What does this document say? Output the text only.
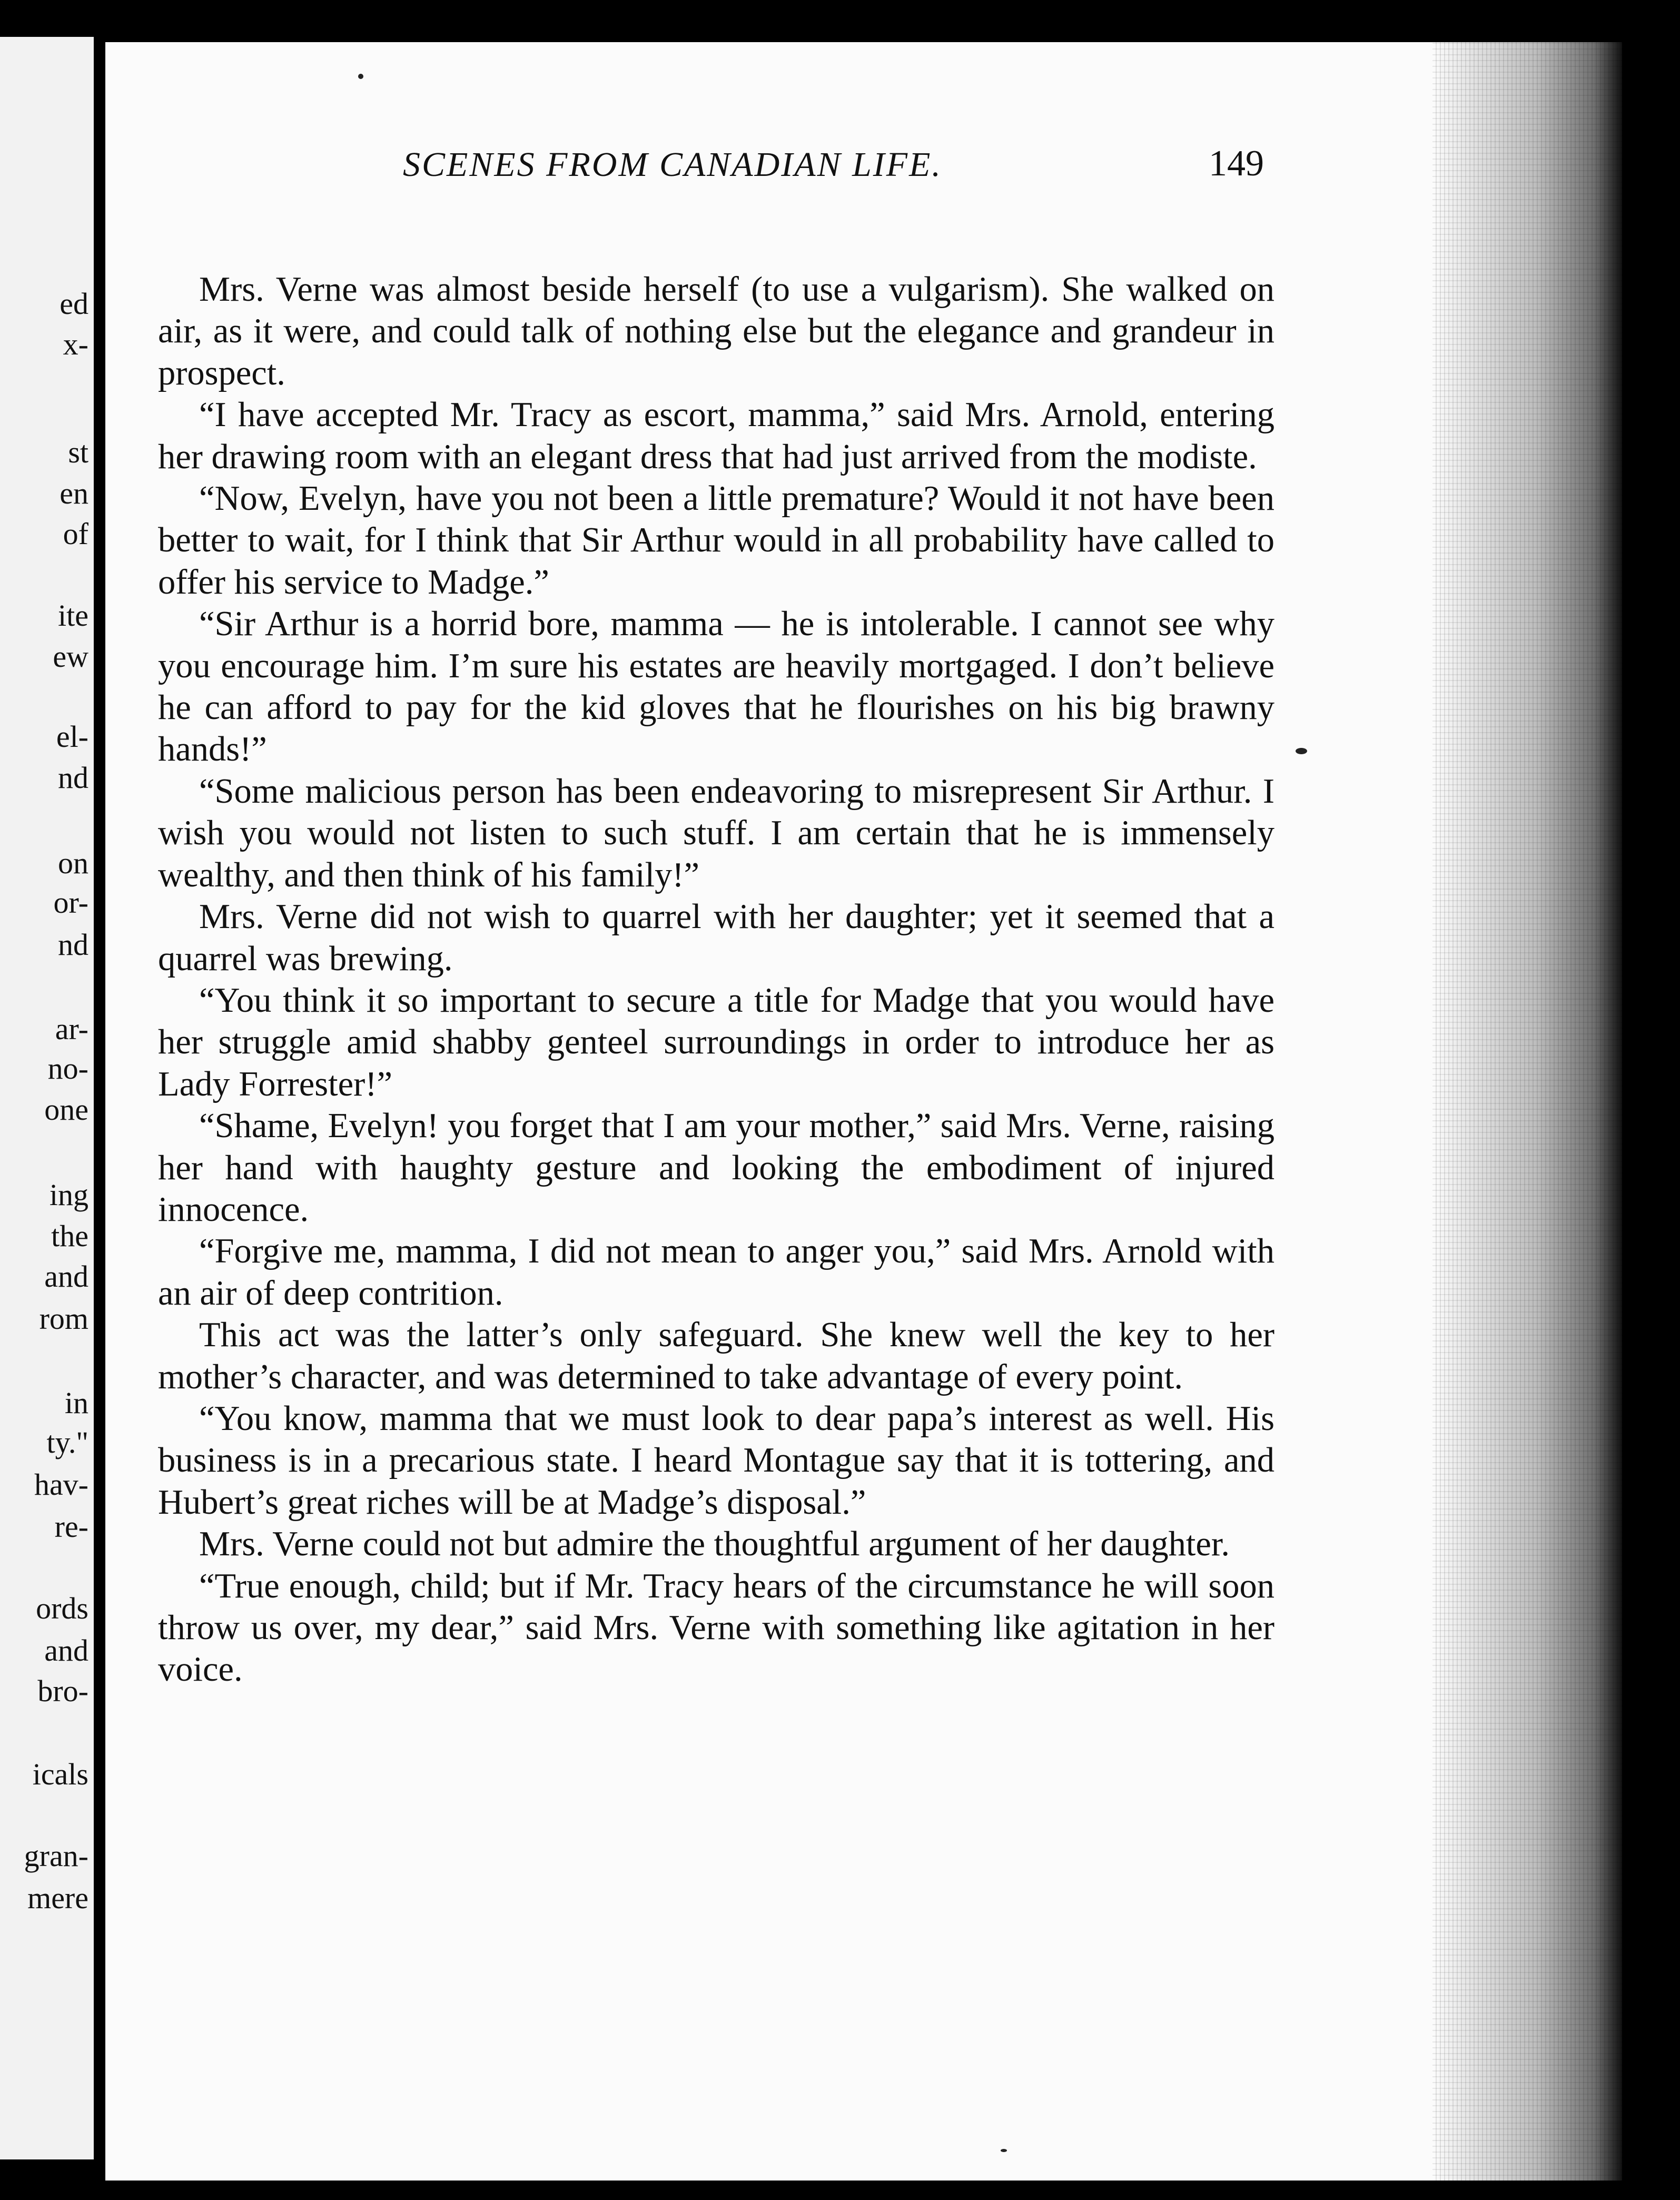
ed
x-
st
en
of
ite
ew
el-
nd
on
or-
nd
ar-
no-
one
ing
the
and
rom
in
ty."
hav-
re-
ords
and
bro-
icals
gran-
mere
SCENES FROM CANADIAN LIFE.	149

Mrs. Verne was almost beside herself (to use a vulgarism). She walked on air, as it were, and could talk of nothing else but the elegance and grandeur in prospect.

“I have accepted Mr. Tracy as escort, mamma,” said Mrs. Arnold, entering her drawing room with an elegant dress that had just arrived from the modiste.

“Now, Evelyn, have you not been a little premature? Would it not have been better to wait, for I think that Sir Arthur would in all probability have called to offer his service to Madge.”

“Sir Arthur is a horrid bore, mamma — he is intolerable. I cannot see why you encourage him. I’m sure his estates are heavily mortgaged. I don’t believe he can afford to pay for the kid gloves that he flourishes on his big brawny hands!”

“Some malicious person has been endeavoring to misrepresent Sir Arthur. I wish you would not listen to such stuff. I am certain that he is immensely wealthy, and then think of his family!”

Mrs. Verne did not wish to quarrel with her daughter; yet it seemed that a quarrel was brewing.

“You think it so important to secure a title for Madge that you would have her struggle amid shabby genteel surroundings in order to introduce her as Lady Forrester!”

“Shame, Evelyn! you forget that I am your mother,” said Mrs. Verne, raising her hand with haughty gesture and looking the embodiment of injured innocence.

“Forgive me, mamma, I did not mean to anger you,” said Mrs. Arnold with an air of deep contrition.

This act was the latter’s only safeguard. She knew well the key to her mother’s character, and was determined to take advantage of every point.

“You know, mamma that we must look to dear papa’s interest as well. His business is in a precarious state. I heard Montague say that it is tottering, and Hubert’s great riches will be at Madge’s disposal.”

Mrs. Verne could not but admire the thoughtful argument of her daughter.

“True enough, child; but if Mr. Tracy hears of the circumstance he will soon throw us over, my dear,” said Mrs. Verne with something like agitation in her voice.
